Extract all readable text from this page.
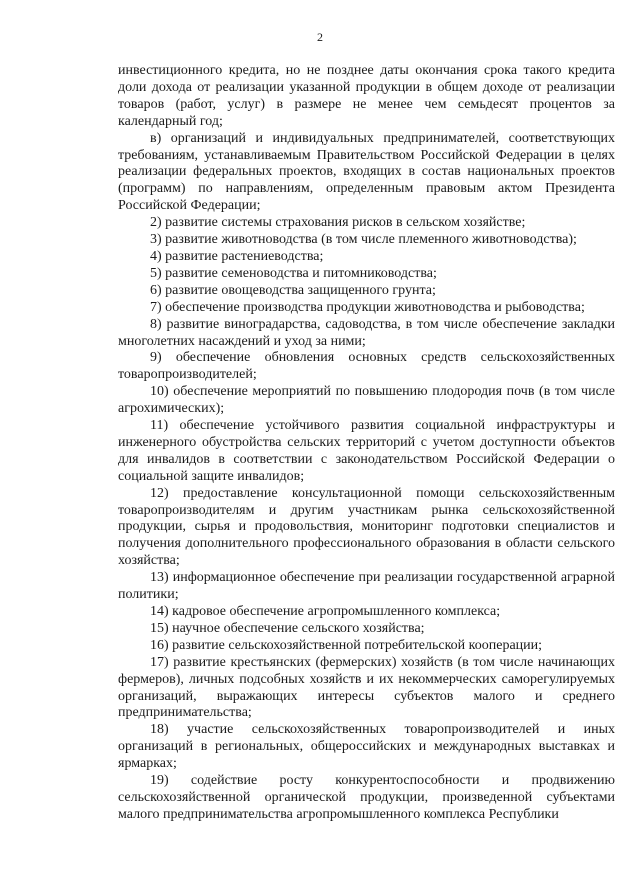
2

инвестиционного кредита, но не позднее даты окончания срока такого кредита доли дохода от реализации указанной продукции в общем доходе от реализации товаров (работ, услуг) в размере не менее чем семьдесят процентов за календарный год;

в) организаций и индивидуальных предпринимателей, соответствующих требованиям, устанавливаемым Правительством Российской Федерации в целях реализации федеральных проектов, входящих в состав национальных проектов (программ) по направлениям, определенным правовым актом Президента Российской Федерации;

2) развитие системы страхования рисков в сельском хозяйстве;

3) развитие животноводства (в том числе племенного животноводства);

4) развитие растениеводства;

5) развитие семеноводства и питомниководства;

6) развитие овощеводства защищенного грунта;

7) обеспечение производства продукции животноводства и рыбоводства;

8) развитие виноградарства, садоводства, в том числе обеспечение закладки многолетних насаждений и уход за ними;

9) обеспечение обновления основных средств сельскохозяйственных товаропроизводителей;

10) обеспечение мероприятий по повышению плодородия почв (в том числе агрохимических);

11) обеспечение устойчивого развития социальной инфраструктуры и инженерного обустройства сельских территорий с учетом доступности объектов для инвалидов в соответствии с законодательством Российской Федерации о социальной защите инвалидов;

12) предоставление консультационной помощи сельскохозяйственным товаропроизводителям и другим участникам рынка сельскохозяйственной продукции, сырья и продовольствия, мониторинг подготовки специалистов и получения дополнительного профессионального образования в области сельского хозяйства;

13) информационное обеспечение при реализации государственной аграрной политики;

14) кадровое обеспечение агропромышленного комплекса;

15) научное обеспечение сельского хозяйства;

16) развитие сельскохозяйственной потребительской кооперации;

17) развитие крестьянских (фермерских) хозяйств (в том числе начинающих фермеров), личных подсобных хозяйств и их некоммерческих саморегулируемых организаций, выражающих интересы субъектов малого и среднего предпринимательства;

18) участие сельскохозяйственных товаропроизводителей и иных организаций в региональных, общероссийских и международных выставках и ярмарках;

19) содействие росту конкурентоспособности и продвижению сельскохозяйственной органической продукции, произведенной субъектами малого предпринимательства агропромышленного комплекса Республики
